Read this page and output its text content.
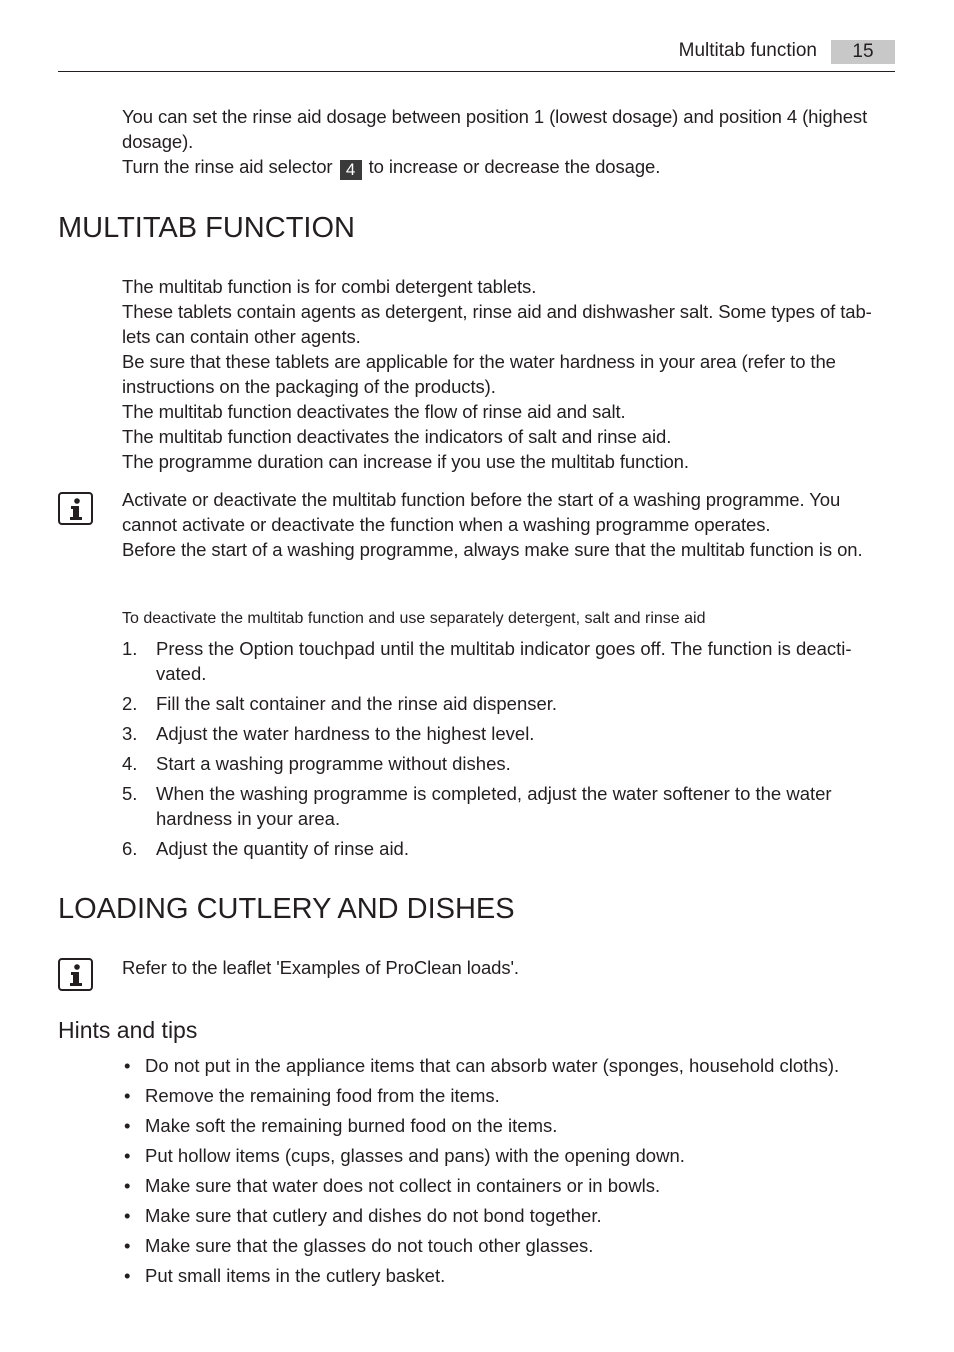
Multitab function	15
You can set the rinse aid dosage between position 1 (lowest dosage) and position 4 (highest dosage).
Turn the rinse aid selector 4 to increase or decrease the dosage.
MULTITAB FUNCTION
The multitab function is for combi detergent tablets.
These tablets contain agents as detergent, rinse aid and dishwasher salt. Some types of tab-lets can contain other agents.
Be sure that these tablets are applicable for the water hardness in your area (refer to the instructions on the packaging of the products).
The multitab function deactivates the flow of rinse aid and salt.
The multitab function deactivates the indicators of salt and rinse aid.
The programme duration can increase if you use the multitab function.
Activate or deactivate the multitab function before the start of a washing programme. You cannot activate or deactivate the function when a washing programme operates.
Before the start of a washing programme, always make sure that the multitab function is on.
To deactivate the multitab function and use separately detergent, salt and rinse aid
1. Press the Option touchpad until the multitab indicator goes off. The function is deacti-vated.
2. Fill the salt container and the rinse aid dispenser.
3. Adjust the water hardness to the highest level.
4. Start a washing programme without dishes.
5. When the washing programme is completed, adjust the water softener to the water hardness in your area.
6. Adjust the quantity of rinse aid.
LOADING CUTLERY AND DISHES
Refer to the leaflet 'Examples of ProClean loads'.
Hints and tips
• Do not put in the appliance items that can absorb water (sponges, household cloths).
• Remove the remaining food from the items.
• Make soft the remaining burned food on the items.
• Put hollow items (cups, glasses and pans) with the opening down.
• Make sure that water does not collect in containers or in bowls.
• Make sure that cutlery and dishes do not bond together.
• Make sure that the glasses do not touch other glasses.
• Put small items in the cutlery basket.
